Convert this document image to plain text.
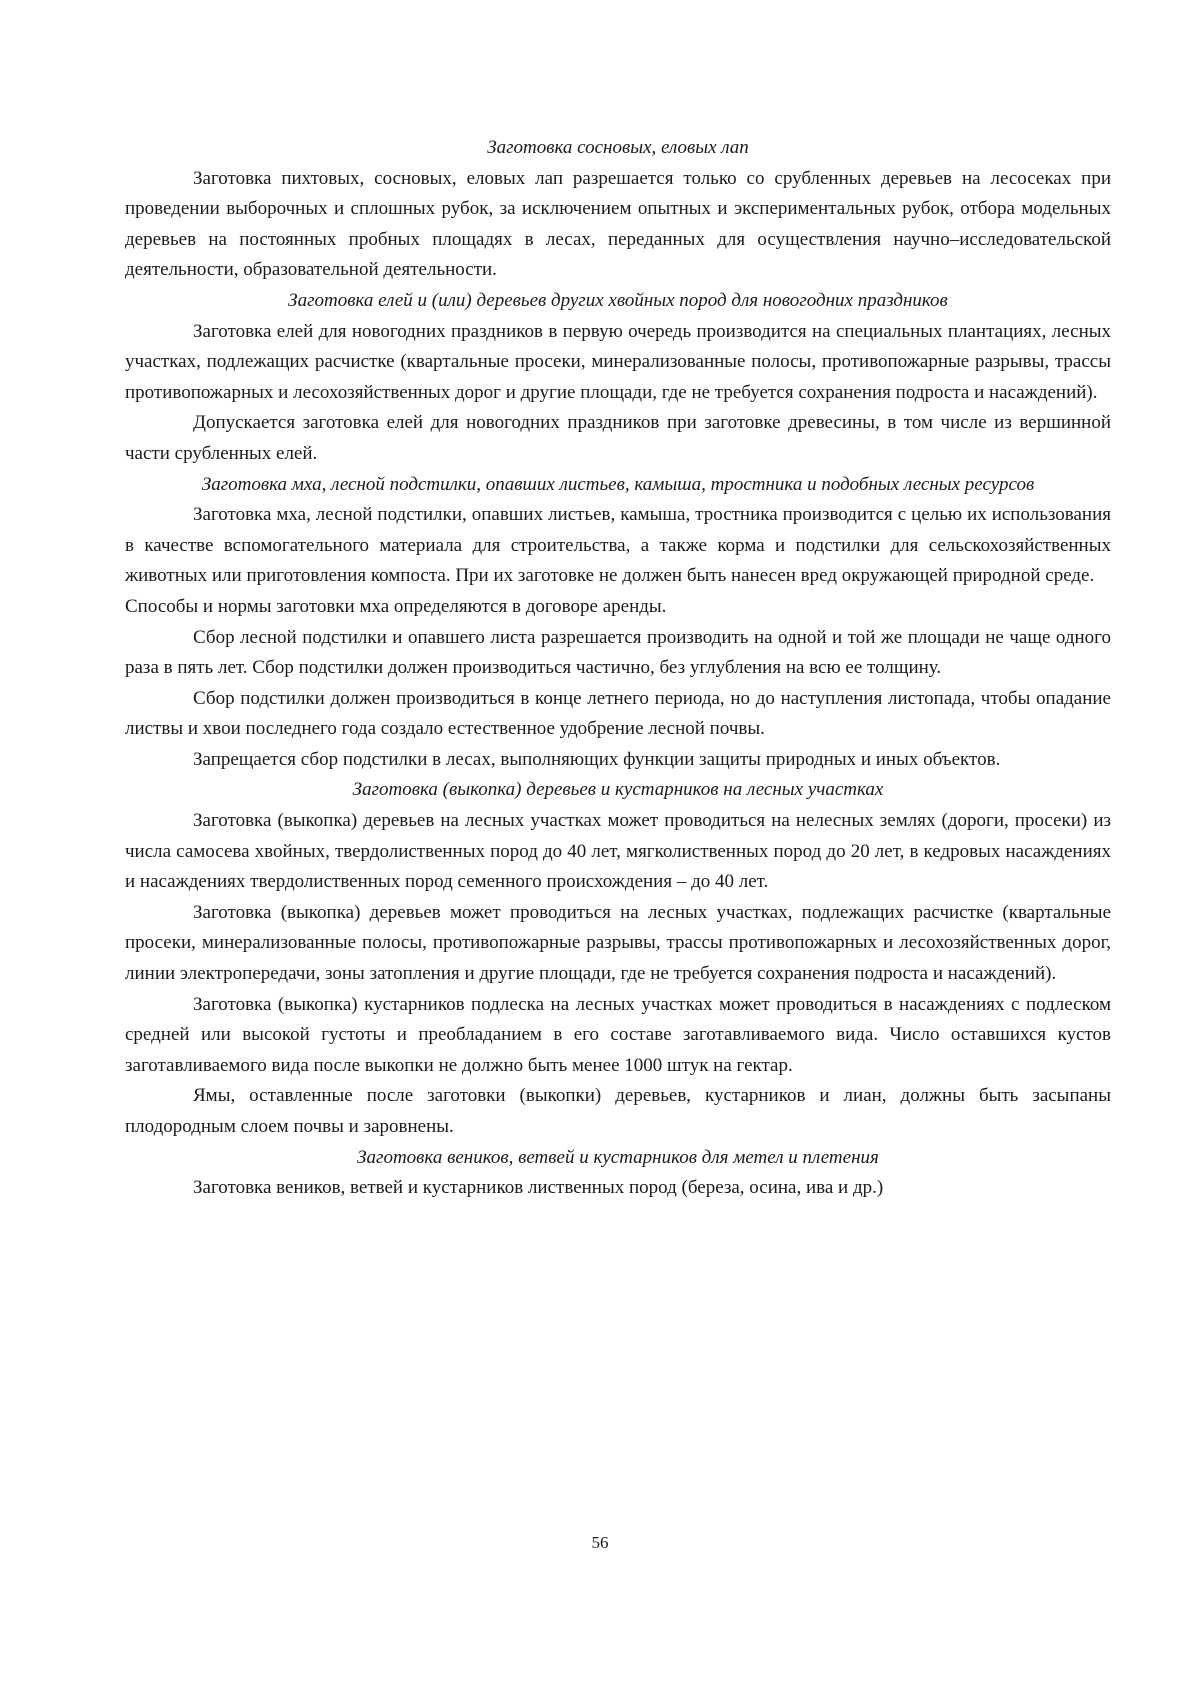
Заготовка сосновых, еловых лап

Заготовка пихтовых, сосновых, еловых лап разрешается только со срубленных деревьев на лесосеках при проведении выборочных и сплошных рубок, за исключением опытных и экспериментальных рубок, отбора модельных деревьев на постоянных пробных площадях в лесах, переданных для осуществления научно–исследовательской деятельности, образовательной деятельности.

Заготовка елей и (или) деревьев других хвойных пород для новогодних праздников

Заготовка елей для новогодних праздников в первую очередь производится на специальных плантациях, лесных участках, подлежащих расчистке (квартальные просеки, минерализованные полосы, противопожарные разрывы, трассы противопожарных и лесохозяйственных дорог и другие площади, где не требуется сохранения подроста и насаждений).

Допускается заготовка елей для новогодних праздников при заготовке древесины, в том числе из вершинной части срубленных елей.

Заготовка мха, лесной подстилки, опавших листьев, камыша, тростника и подобных лесных ресурсов

Заготовка мха, лесной подстилки, опавших листьев, камыша, тростника производится с целью их использования в качестве вспомогательного материала для строительства, а также корма и подстилки для сельскохозяйственных животных или приготовления компоста. При их заготовке не должен быть нанесен вред окружающей природной среде.

Способы и нормы заготовки мха определяются в договоре аренды.

Сбор лесной подстилки и опавшего листа разрешается производить на одной и той же площади не чаще одного раза в пять лет. Сбор подстилки должен производиться частично, без углубления на всю ее толщину.

Сбор подстилки должен производиться в конце летнего периода, но до наступления листопада, чтобы опадание листвы и хвои последнего года создало естественное удобрение лесной почвы.

Запрещается сбор подстилки в лесах, выполняющих функции защиты природных и иных объектов.

Заготовка (выкопка) деревьев и кустарников на лесных участках

Заготовка (выкопка) деревьев на лесных участках может проводиться на нелесных землях (дороги, просеки) из числа самосева хвойных, твердолиственных пород до 40 лет, мягколиственных пород до 20 лет, в кедровых насаждениях и насаждениях твердолиственных пород семенного происхождения – до 40 лет.

Заготовка (выкопка) деревьев может проводиться на лесных участках, подлежащих расчистке (квартальные просеки, минерализованные полосы, противопожарные разрывы, трассы противопожарных и лесохозяйственных дорог, линии электропередачи, зоны затопления и другие площади, где не требуется сохранения подроста и насаждений).

Заготовка (выкопка) кустарников подлеска на лесных участках может проводиться в насаждениях с подлеском средней или высокой густоты и преобладанием в его составе заготавливаемого вида. Число оставшихся кустов заготавливаемого вида после выкопки не должно быть менее 1000 штук на гектар.

Ямы, оставленные после заготовки (выкопки) деревьев, кустарников и лиан, должны быть засыпаны плодородным слоем почвы и заровнены.

Заготовка веников, ветвей и кустарников для метел и плетения

Заготовка веников, ветвей и кустарников лиственных пород (береза, осина, ива и др.)

56
